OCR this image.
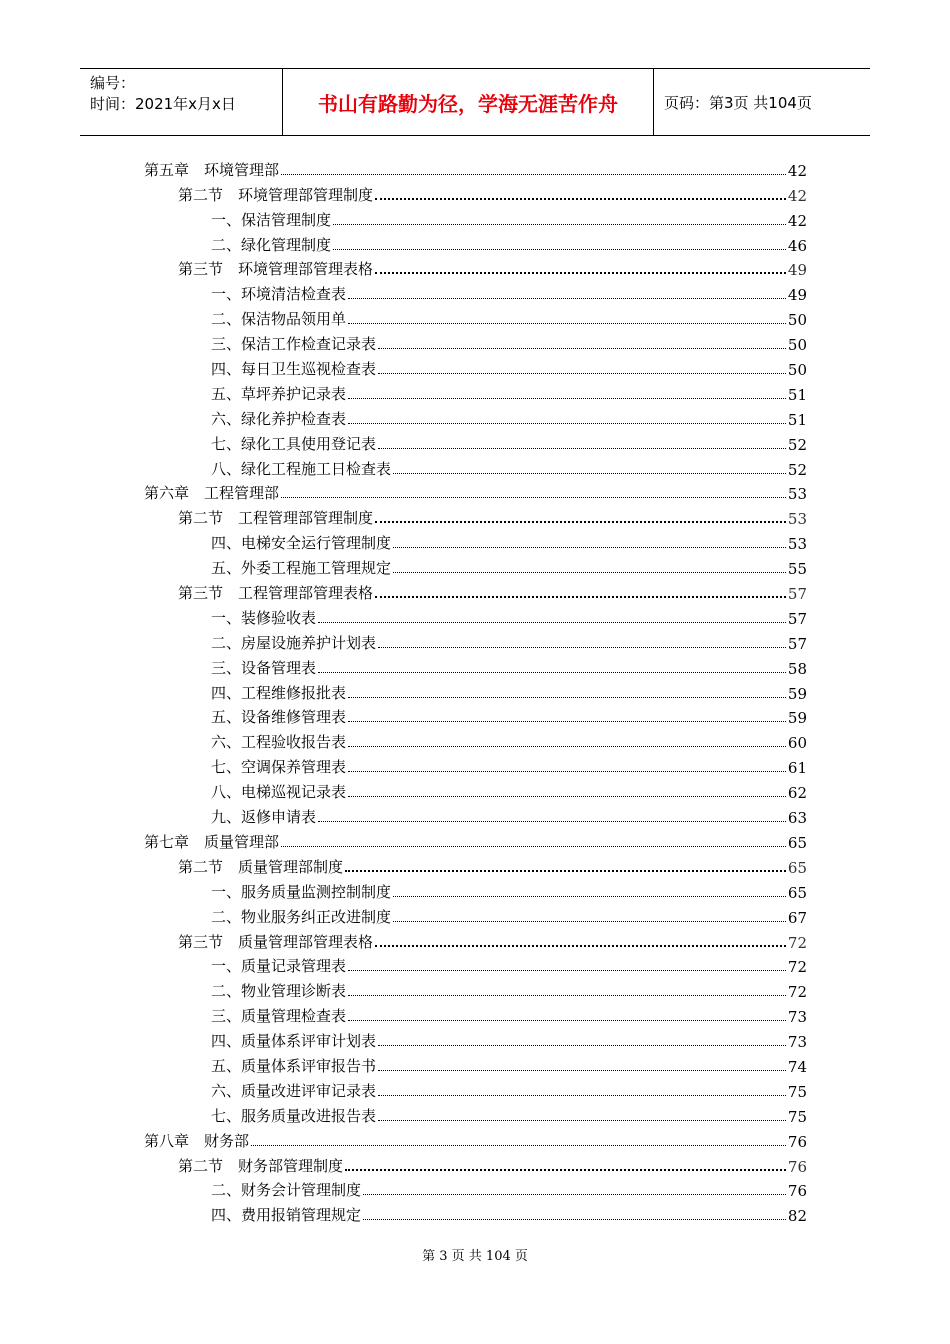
编号：
时间：2021年x月x日	书山有路勤为径，学海无涯苦作舟	页码：第3页 共104页
第五章　环境管理部	42
第二节　环境管理部管理制度	42
一、保洁管理制度	42
二、绿化管理制度	46
第三节　环境管理部管理表格	49
一、环境清洁检查表	49
二、保洁物品领用单	50
三、保洁工作检查记录表	50
四、每日卫生巡视检查表	50
五、草坪养护记录表	51
六、绿化养护检查表	51
七、绿化工具使用登记表	52
八、绿化工程施工日检查表	52
第六章　工程管理部	53
第二节　工程管理部管理制度	53
四、电梯安全运行管理制度	53
五、外委工程施工管理规定	55
第三节　工程管理部管理表格	57
一、装修验收表	57
二、房屋设施养护计划表	57
三、设备管理表	58
四、工程维修报批表	59
五、设备维修管理表	59
六、工程验收报告表	60
七、空调保养管理表	61
八、电梯巡视记录表	62
九、返修申请表	63
第七章　质量管理部	65
第二节　质量管理部制度	65
一、服务质量监测控制制度	65
二、物业服务纠正改进制度	67
第三节　质量管理部管理表格	72
一、质量记录管理表	72
二、物业管理诊断表	72
三、质量管理检查表	73
四、质量体系评审计划表	73
五、质量体系评审报告书	74
六、质量改进评审记录表	75
七、服务质量改进报告表	75
第八章　财务部	76
第二节　财务部管理制度	76
二、财务会计管理制度	76
四、费用报销管理规定	82
第 3 页 共 104 页
